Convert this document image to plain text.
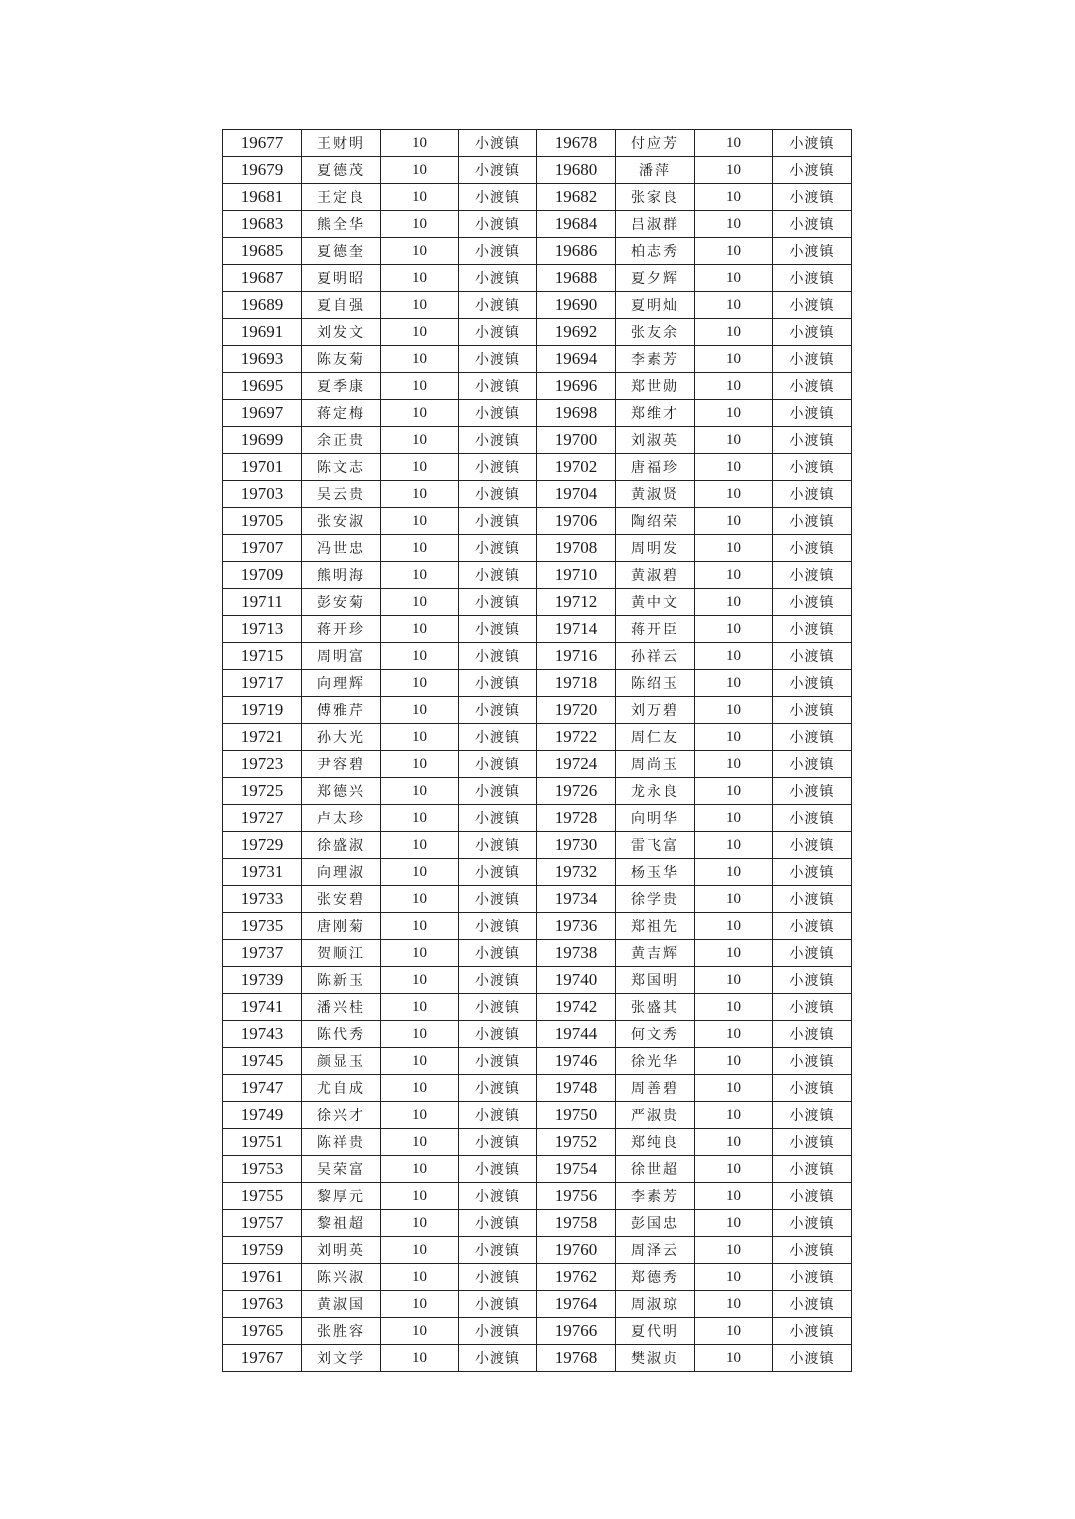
19677	王财明	10	小渡镇	19678	付应芳	10	小渡镇
19679	夏德茂	10	小渡镇	19680	潘萍	10	小渡镇
19681	王定良	10	小渡镇	19682	张家良	10	小渡镇
19683	熊全华	10	小渡镇	19684	吕淑群	10	小渡镇
19685	夏德奎	10	小渡镇	19686	柏志秀	10	小渡镇
19687	夏明昭	10	小渡镇	19688	夏夕辉	10	小渡镇
19689	夏自强	10	小渡镇	19690	夏明灿	10	小渡镇
19691	刘发文	10	小渡镇	19692	张友余	10	小渡镇
19693	陈友菊	10	小渡镇	19694	李素芳	10	小渡镇
19695	夏季康	10	小渡镇	19696	郑世勋	10	小渡镇
19697	蒋定梅	10	小渡镇	19698	郑维才	10	小渡镇
19699	余正贵	10	小渡镇	19700	刘淑英	10	小渡镇
19701	陈文志	10	小渡镇	19702	唐福珍	10	小渡镇
19703	吴云贵	10	小渡镇	19704	黄淑贤	10	小渡镇
19705	张安淑	10	小渡镇	19706	陶绍荣	10	小渡镇
19707	冯世忠	10	小渡镇	19708	周明发	10	小渡镇
19709	熊明海	10	小渡镇	19710	黄淑碧	10	小渡镇
19711	彭安菊	10	小渡镇	19712	黄中文	10	小渡镇
19713	蒋开珍	10	小渡镇	19714	蒋开臣	10	小渡镇
19715	周明富	10	小渡镇	19716	孙祥云	10	小渡镇
19717	向理辉	10	小渡镇	19718	陈绍玉	10	小渡镇
19719	傅雅芹	10	小渡镇	19720	刘万碧	10	小渡镇
19721	孙大光	10	小渡镇	19722	周仁友	10	小渡镇
19723	尹容碧	10	小渡镇	19724	周尚玉	10	小渡镇
19725	郑德兴	10	小渡镇	19726	龙永良	10	小渡镇
19727	卢太珍	10	小渡镇	19728	向明华	10	小渡镇
19729	徐盛淑	10	小渡镇	19730	雷飞富	10	小渡镇
19731	向理淑	10	小渡镇	19732	杨玉华	10	小渡镇
19733	张安碧	10	小渡镇	19734	徐学贵	10	小渡镇
19735	唐刚菊	10	小渡镇	19736	郑祖先	10	小渡镇
19737	贺顺江	10	小渡镇	19738	黄吉辉	10	小渡镇
19739	陈新玉	10	小渡镇	19740	郑国明	10	小渡镇
19741	潘兴桂	10	小渡镇	19742	张盛其	10	小渡镇
19743	陈代秀	10	小渡镇	19744	何文秀	10	小渡镇
19745	颜显玉	10	小渡镇	19746	徐光华	10	小渡镇
19747	尤自成	10	小渡镇	19748	周善碧	10	小渡镇
19749	徐兴才	10	小渡镇	19750	严淑贵	10	小渡镇
19751	陈祥贵	10	小渡镇	19752	郑纯良	10	小渡镇
19753	吴荣富	10	小渡镇	19754	徐世超	10	小渡镇
19755	黎厚元	10	小渡镇	19756	李素芳	10	小渡镇
19757	黎祖超	10	小渡镇	19758	彭国忠	10	小渡镇
19759	刘明英	10	小渡镇	19760	周泽云	10	小渡镇
19761	陈兴淑	10	小渡镇	19762	郑德秀	10	小渡镇
19763	黄淑国	10	小渡镇	19764	周淑琼	10	小渡镇
19765	张胜容	10	小渡镇	19766	夏代明	10	小渡镇
19767	刘文学	10	小渡镇	19768	樊淑贞	10	小渡镇
